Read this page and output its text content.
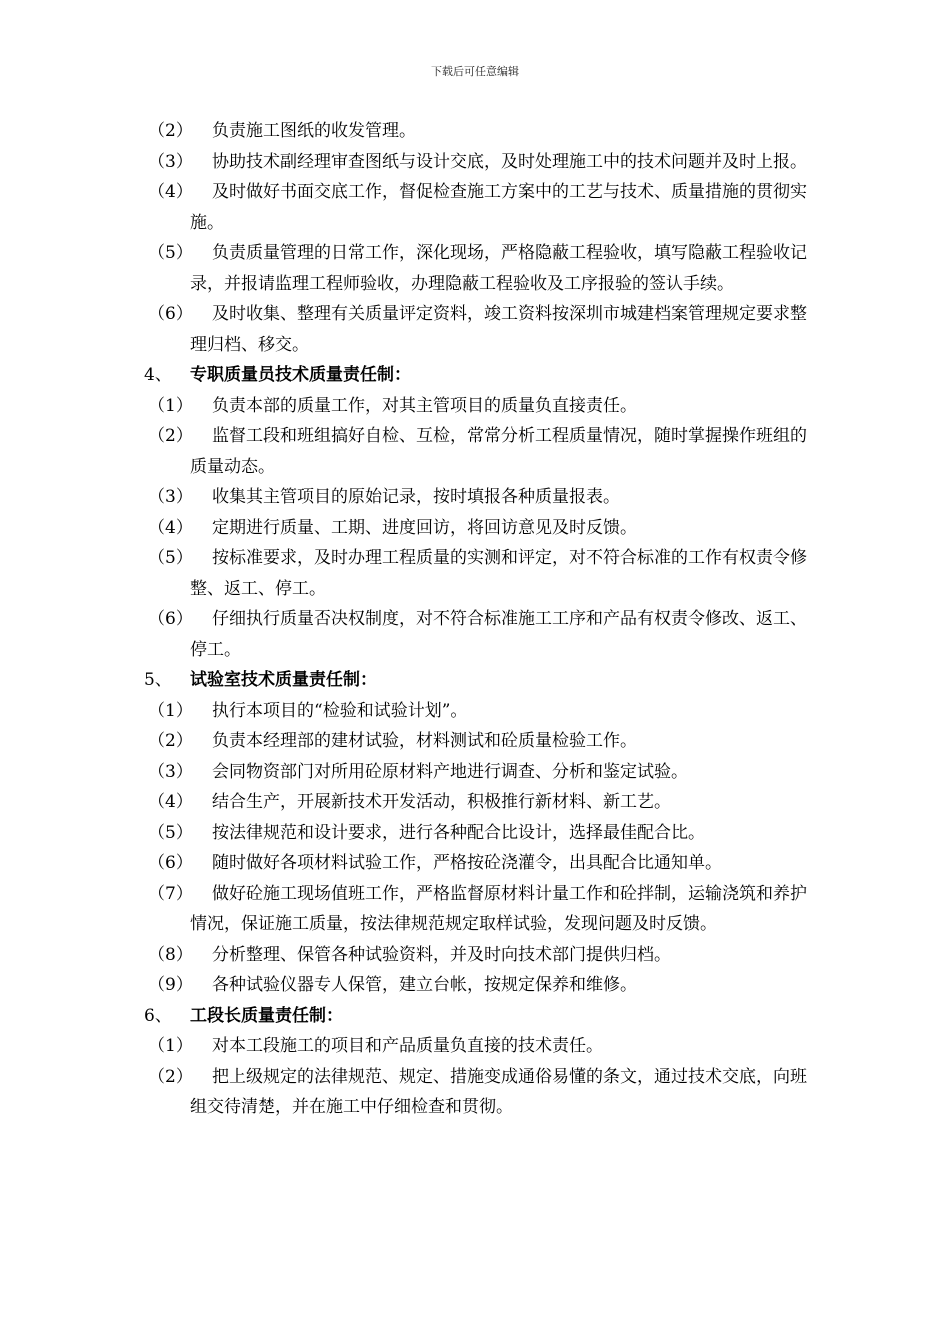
下载后可任意编辑
（2）	负责施工图纸的收发管理。
（3）	协助技术副经理审查图纸与设计交底，及时处理施工中的技术问题并及时上报。
（4）	及时做好书面交底工作，督促检查施工方案中的工艺与技术、质量措施的贯彻实施。
（5）	负责质量管理的日常工作，深化现场，严格隐蔽工程验收，填写隐蔽工程验收记录，并报请监理工程师验收，办理隐蔽工程验收及工序报验的签认手续。
（6）	及时收集、整理有关质量评定资料，竣工资料按深圳市城建档案管理规定要求整理归档、移交。
4、 专职质量员技术质量责任制：
（1）	负责本部的质量工作，对其主管项目的质量负直接责任。
（2）	监督工段和班组搞好自检、互检，常常分析工程质量情况，随时掌握操作班组的质量动态。
（3）	收集其主管项目的原始记录，按时填报各种质量报表。
（4）	定期进行质量、工期、进度回访，将回访意见及时反馈。
（5）	按标准要求，及时办理工程质量的实测和评定，对不符合标准的工作有权责令修整、返工、停工。
（6）	仔细执行质量否决权制度，对不符合标准施工工序和产品有权责令修改、返工、停工。
5、 试验室技术质量责任制：
（1）	执行本项目的“检验和试验计划”。
（2）	负责本经理部的建材试验，材料测试和砼质量检验工作。
（3）	会同物资部门对所用砼原材料产地进行调查、分析和鉴定试验。
（4）	结合生产，开展新技术开发活动，积极推行新材料、新工艺。
（5）	按法律规范和设计要求，进行各种配合比设计，选择最佳配合比。
（6）	随时做好各项材料试验工作，严格按砼浇灌令，出具配合比通知单。
（7）	做好砼施工现场值班工作，严格监督原材料计量工作和砼拌制，运输浇筑和养护情况，保证施工质量，按法律规范规定取样试验，发现问题及时反馈。
（8）	分析整理、保管各种试验资料，并及时向技术部门提供归档。
（9）	各种试验仪器专人保管，建立台帐，按规定保养和维修。
6、 工段长质量责任制：
（1）	对本工段施工的项目和产品质量负直接的技术责任。
（2）	把上级规定的法律规范、规定、措施变成通俗易懂的条文，通过技术交底，向班组交待清楚，并在施工中仔细检查和贯彻。
